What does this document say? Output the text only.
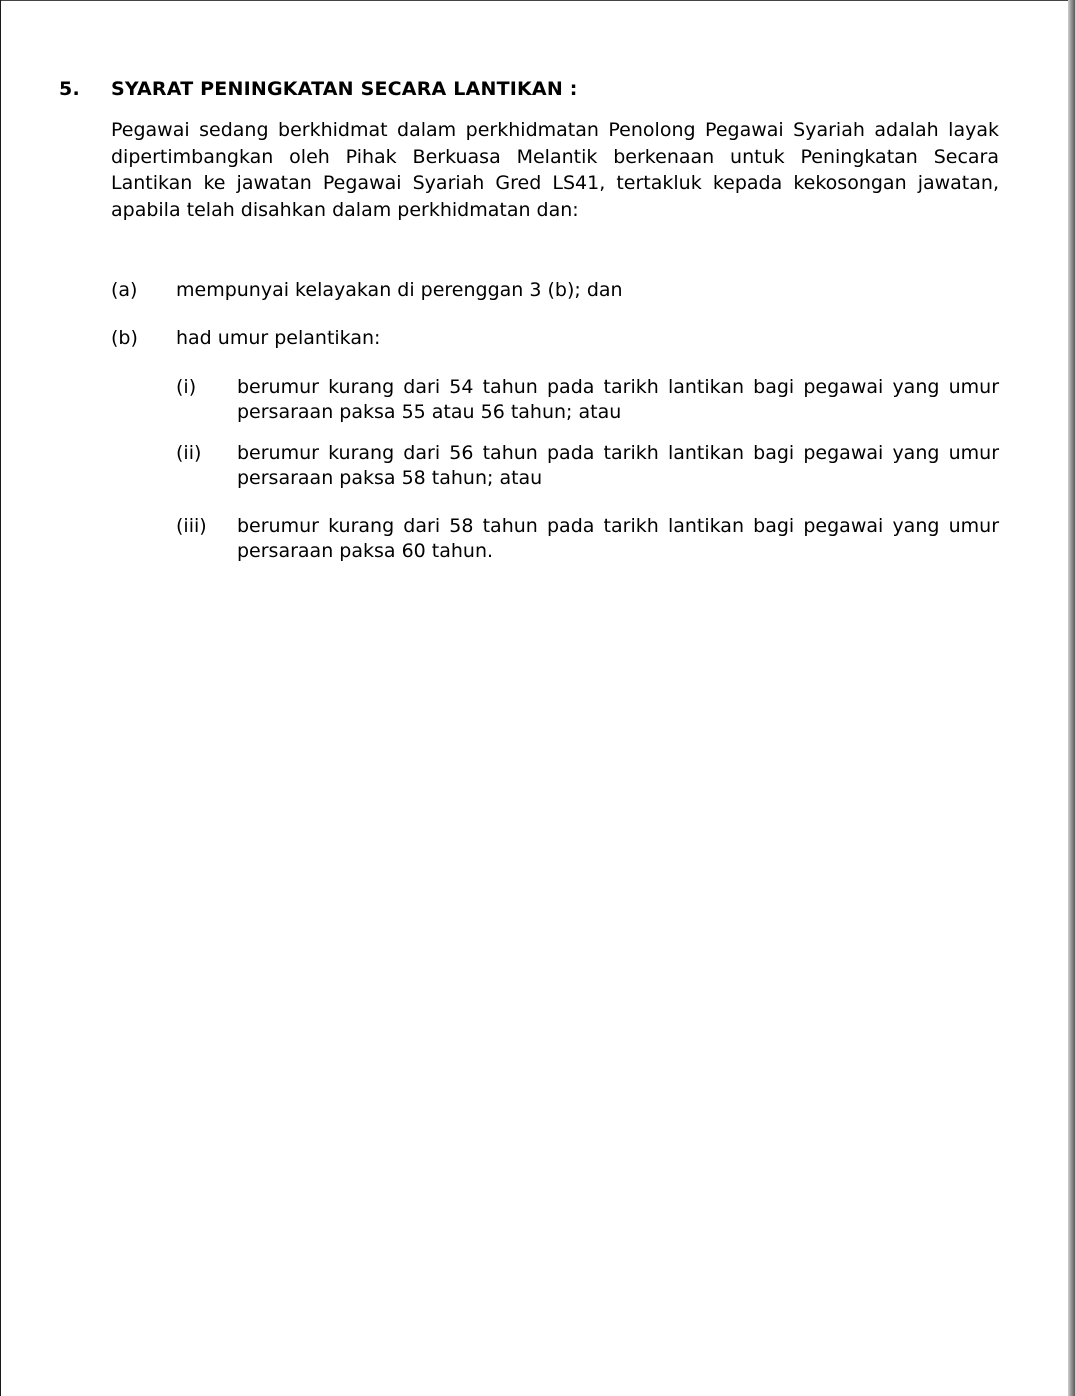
5. SYARAT PENINGKATAN SECARA LANTIKAN :
Pegawai sedang berkhidmat dalam perkhidmatan Penolong Pegawai Syariah adalah layak dipertimbangkan oleh Pihak Berkuasa Melantik berkenaan untuk Peningkatan Secara Lantikan ke jawatan Pegawai Syariah Gred LS41, tertakluk kepada kekosongan jawatan, apabila telah disahkan dalam perkhidmatan dan:
(a) mempunyai kelayakan di perenggan 3 (b); dan
(b) had umur pelantikan:
(i) berumur kurang dari 54 tahun pada tarikh lantikan bagi pegawai yang umur persaraan paksa 55 atau 56 tahun; atau
(ii) berumur kurang dari 56 tahun pada tarikh lantikan bagi pegawai yang umur persaraan paksa 58 tahun; atau
(iii) berumur kurang dari 58 tahun pada tarikh lantikan bagi pegawai yang umur persaraan paksa 60 tahun.
